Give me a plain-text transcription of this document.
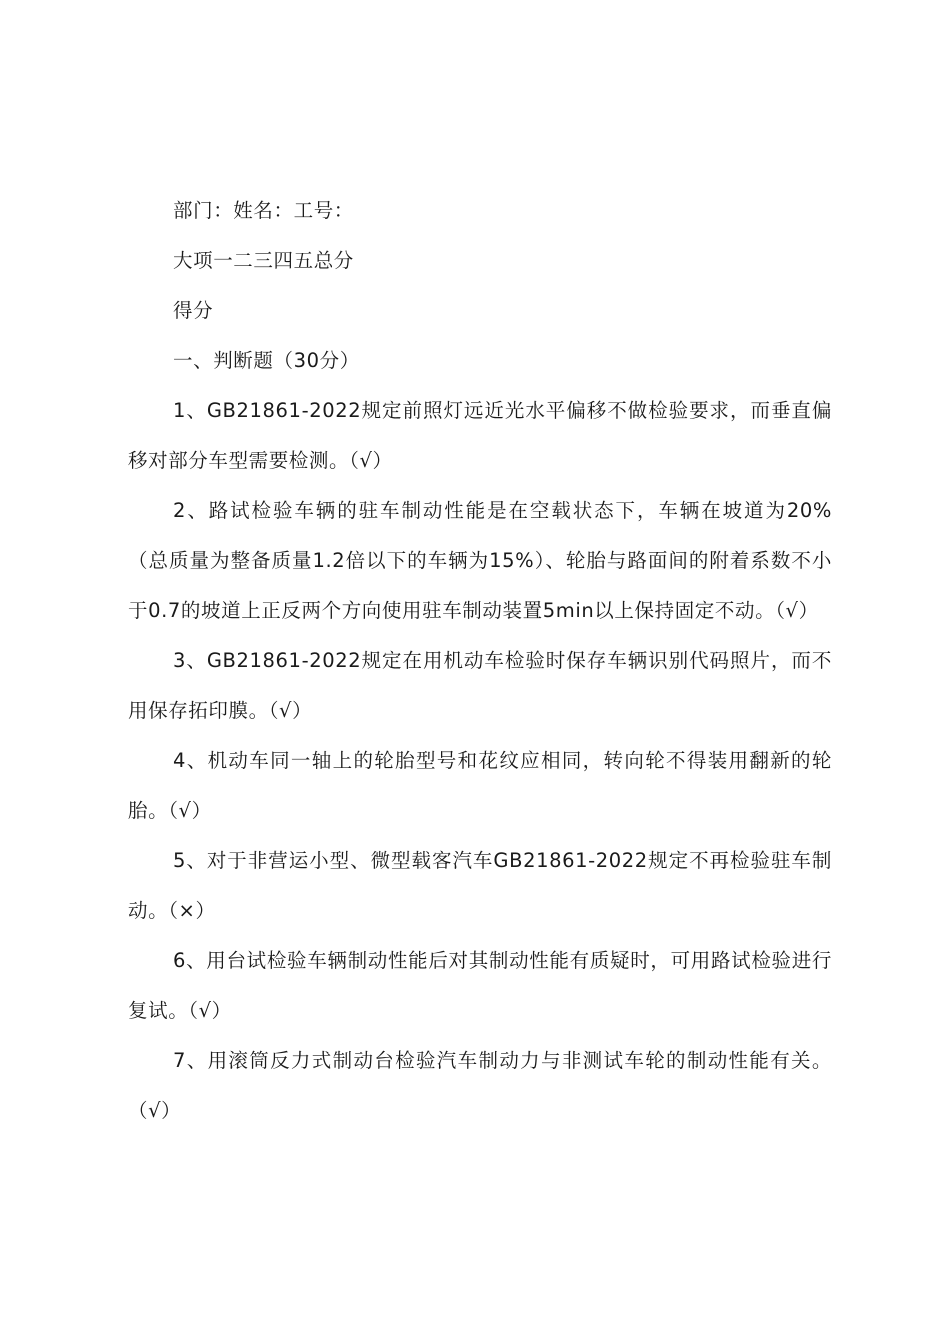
部门：姓名：工号：
大项一二三四五总分
得分
一、判断题（30分）
1、GB21861-2022规定前照灯远近光水平偏移不做检验要求，而垂直偏移对部分车型需要检测。（√）
2、路试检验车辆的驻车制动性能是在空载状态下，车辆在坡道为20%（总质量为整备质量1.2倍以下的车辆为15%）、轮胎与路面间的附着系数不小于0.7的坡道上正反两个方向使用驻车制动装置5min以上保持固定不动。（√）
3、GB21861-2022规定在用机动车检验时保存车辆识别代码照片，而不用保存拓印膜。（√）
4、机动车同一轴上的轮胎型号和花纹应相同，转向轮不得装用翻新的轮胎。（√）
5、对于非营运小型、微型载客汽车GB21861-2022规定不再检验驻车制动。（×）
6、用台试检验车辆制动性能后对其制动性能有质疑时，可用路试检验进行复试。（√）
7、用滚筒反力式制动台检验汽车制动力与非测试车轮的制动性能有关。（√）
